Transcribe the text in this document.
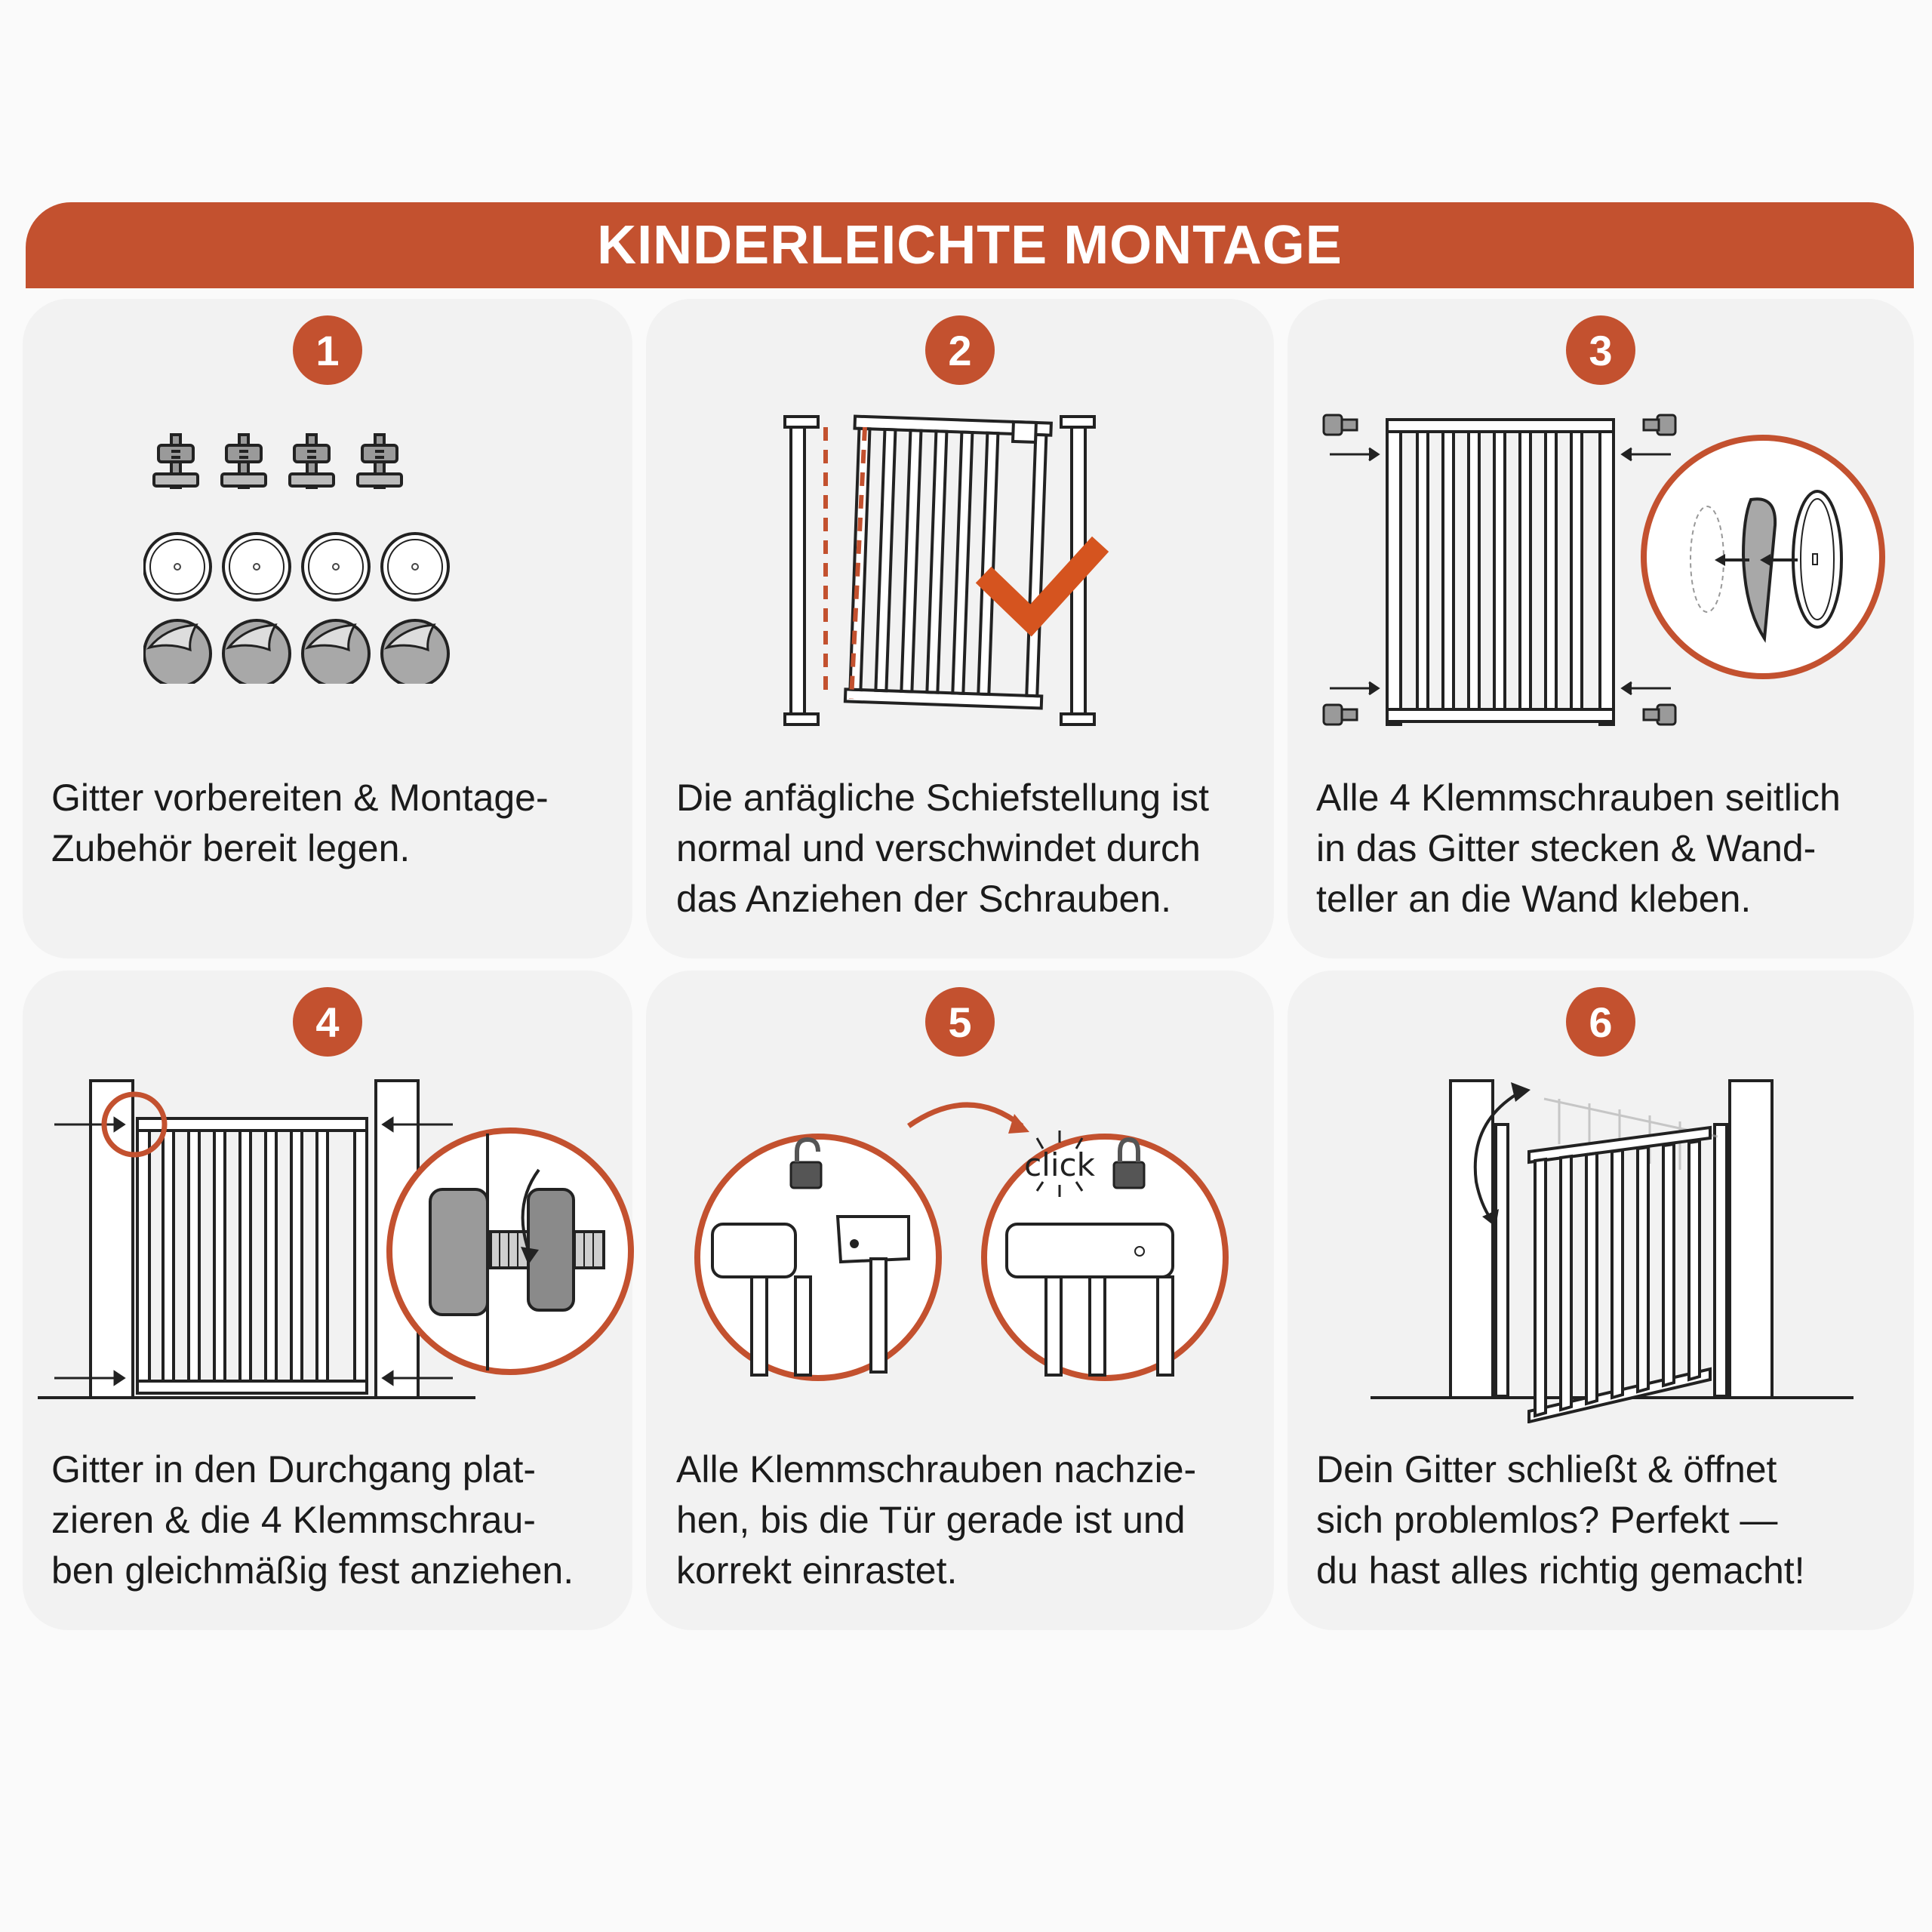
KINDERLEICHTE MONTAGE
1
Gitter vorbereiten & Montage-
Zubehör bereit legen.
2
Die anfägliche Schiefstellung ist
normal und verschwindet durch
das Anziehen der Schrauben.
3
Alle 4 Klemmschrauben seitlich
in das Gitter stecken & Wand-
teller an die Wand kleben.
4
Gitter in den Durchgang plat-
zieren & die 4 Klemmschrau-
ben gleichmäßig fest anziehen.
5
click
Alle Klemmschrauben nachzie-
hen, bis die Tür gerade ist und
korrekt einrastet.
6
Dein Gitter schließt & öffnet
sich problemlos? Perfekt —
du hast alles richtig gemacht!
